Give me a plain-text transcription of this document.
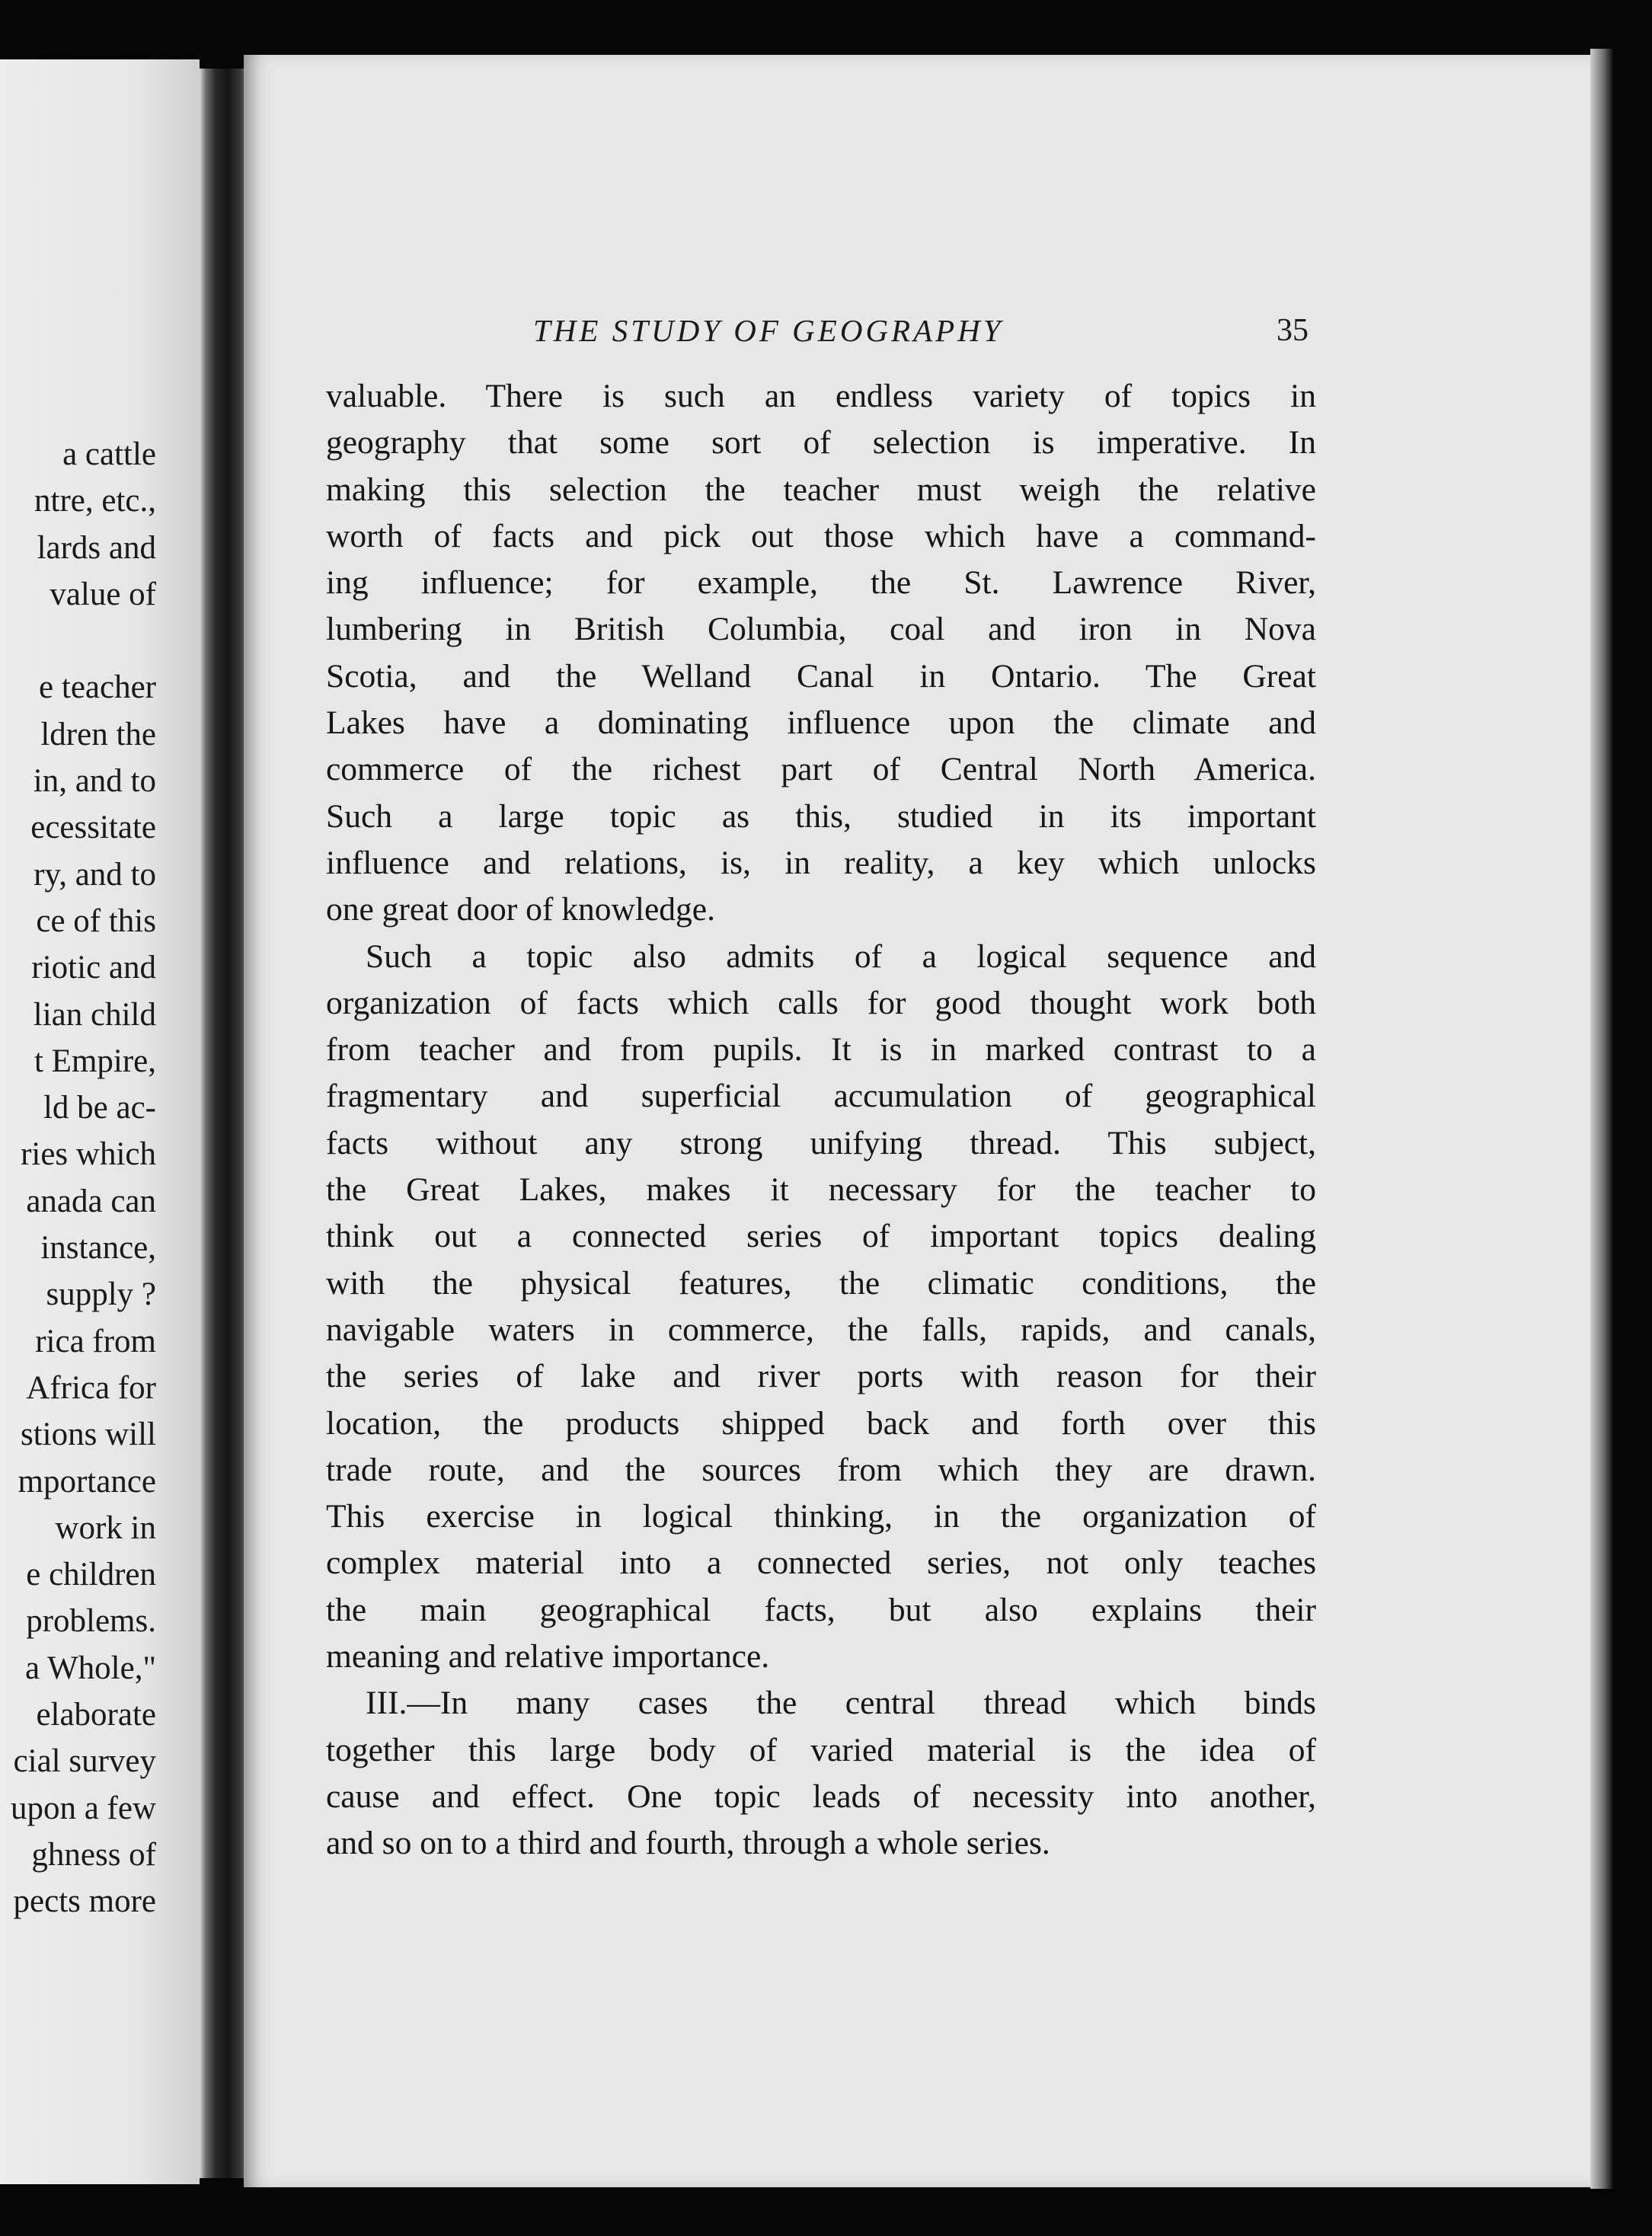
a cattle
ntre, etc.,
lards and
value of

e teacher
ldren the
in, and to
ecessitate
ry, and to
ce of this
riotic and
lian child
t Empire,
ld be ac-
ries which
anada can
instance,
supply ?
rica from
Africa for
stions will
mportance
work in
e children
problems.
a Whole,"
elaborate
cial survey
upon a few
ghness of
pects more
THE STUDY OF GEOGRAPHY	35
valuable. There is such an endless variety of topics in
geography that some sort of selection is imperative. In
making this selection the teacher must weigh the relative
worth of facts and pick out those which have a command-
ing influence; for example, the St. Lawrence River,
lumbering in British Columbia, coal and iron in Nova
Scotia, and the Welland Canal in Ontario. The Great
Lakes have a dominating influence upon the climate and
commerce of the richest part of Central North America.
Such a large topic as this, studied in its important
influence and relations, is, in reality, a key which unlocks
one great door of knowledge.
Such a topic also admits of a logical sequence and
organization of facts which calls for good thought work both
from teacher and from pupils. It is in marked contrast to a
fragmentary and superficial accumulation of geographical
facts without any strong unifying thread. This subject,
the Great Lakes, makes it necessary for the teacher to
think out a connected series of important topics dealing
with the physical features, the climatic conditions, the
navigable waters in commerce, the falls, rapids, and canals,
the series of lake and river ports with reason for their
location, the products shipped back and forth over this
trade route, and the sources from which they are drawn.
This exercise in logical thinking, in the organization of
complex material into a connected series, not only teaches
the main geographical facts, but also explains their
meaning and relative importance.
III.—In many cases the central thread which binds
together this large body of varied material is the idea of
cause and effect. One topic leads of necessity into another,
and so on to a third and fourth, through a whole series.
